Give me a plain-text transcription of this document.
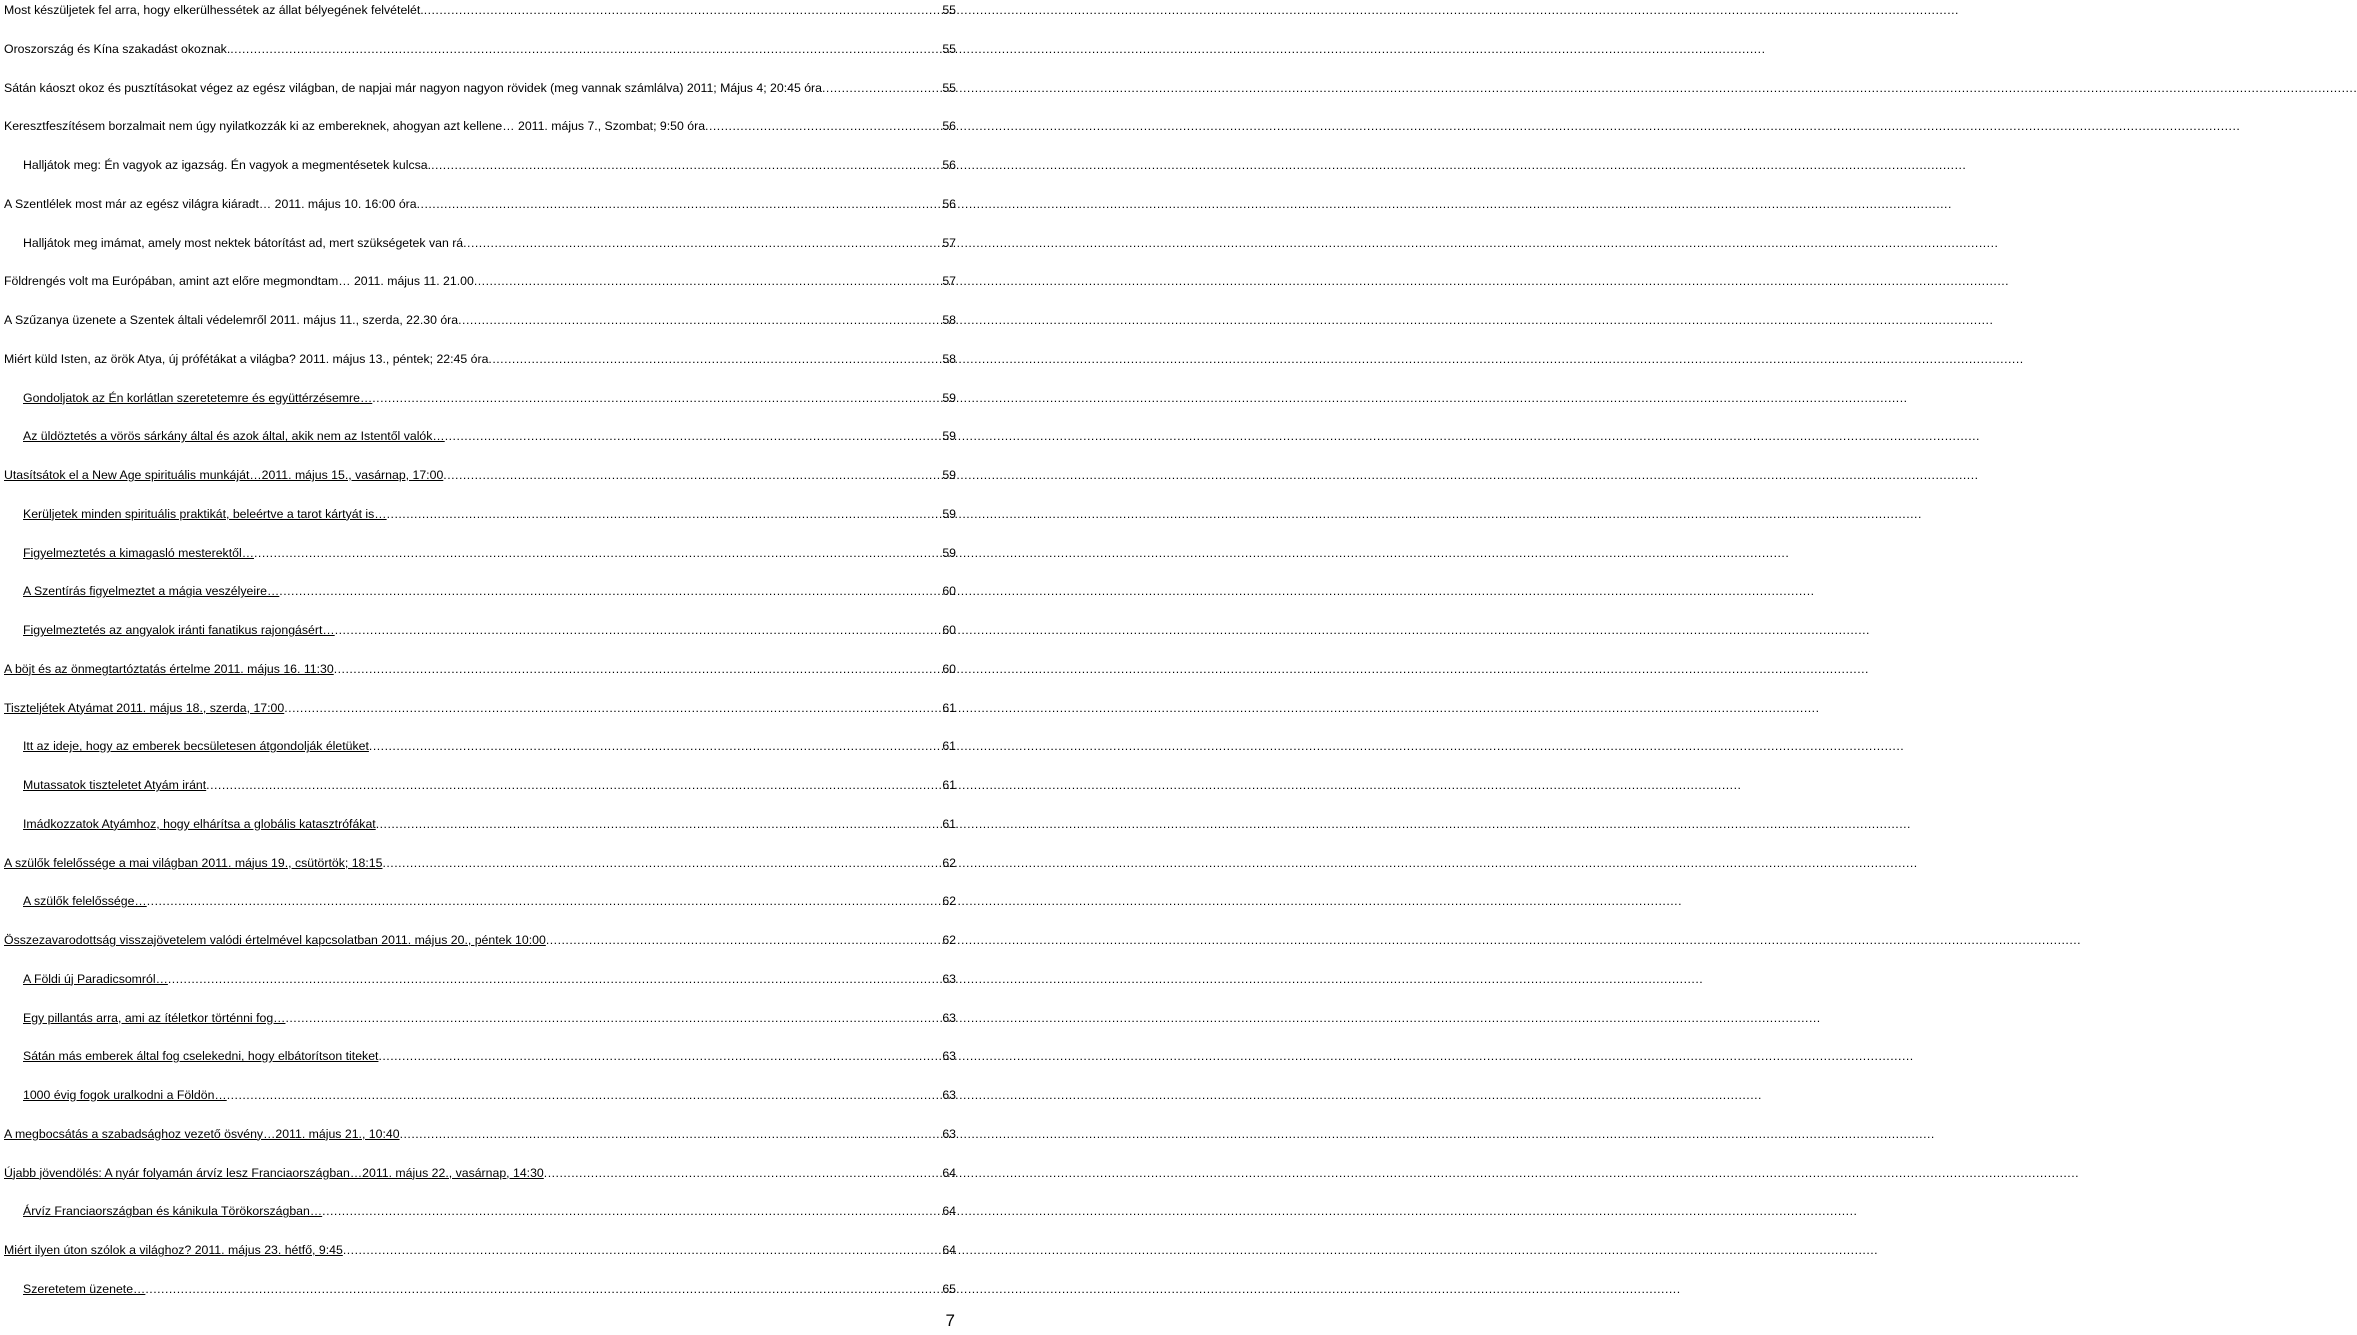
Most készüljetek fel arra, hogy elkerülhessétek az állat bélyegének felvételét. .....	55
Oroszország és Kína szakadást okoznak. .....	55
Sátán káoszt okoz és pusztításokat végez az egész világban, de napjai már nagyon nagyon rövidek (meg vannak számlálva) 2011; Május 4; 20:45 óra .....	55
Keresztfeszítésem borzalmait nem úgy nyilatkozzák ki az embereknek, ahogyan azt kellene… 2011. május 7., Szombat; 9:50 óra .....	56
Halljátok meg: Én vagyok az igazság. Én vagyok a megmentésetek kulcsa. .....	56
A Szentlélek most már az egész világra kiáradt… 2011. május 10. 16:00 óra .....	56
Halljátok meg imámat, amely most nektek bátorítást ad, mert szükségetek van rá .....	57
Földrengés volt ma Európában, amint azt előre megmondtam… 2011. május 11. 21.00 .....	57
A Szűzanya üzenete a Szentek általi védelemről 2011. május 11., szerda, 22.30 óra .....	58
Miért küld Isten, az örök Atya, új prófétákat a világba? 2011. május 13., péntek; 22:45 óra .....	58
Gondoljatok az Én korlátlan szeretetemre és együttérzésemre… .....	59
Az üldöztetés a vörös sárkány által és azok által, akik nem az Istentől valók… .....	59
Utasítsátok el a New Age spirituális munkáját…2011. május 15., vasárnap, 17:00 .....	59
Kerüljetek minden spirituális praktikát, beleértve a tarot kártyát is… .....	59
Figyelmeztetés a kimagasló mesterektől… .....	59
A Szentírás figyelmeztet a mágia veszélyeire… .....	60
Figyelmeztetés az angyalok iránti fanatikus rajongásért… .....	60
A böjt és az önmegtartóztatás értelme 2011. május 16. 11:30 .....	60
Tiszteljétek Atyámat 2011. május 18., szerda, 17:00 .....	61
Itt az ideje, hogy az emberek becsületesen átgondolják életüket .....	61
Mutassatok tiszteletet Atyám iránt .....	61
Imádkozzatok Atyámhoz, hogy elhárítsa a globális katasztrófákat .....	61
A szülők felelőssége a mai világban 2011. május 19., csütörtök; 18:15 .....	62
A szülők felelőssége… .....	62
Összezavarodottság visszajövetelem valódi értelmével kapcsolatban 2011. május 20., péntek 10:00 .....	62
A Földi új Paradicsomról… .....	63
Egy pillantás arra, ami az ítéletkor történni fog… .....	63
Sátán más emberek által fog cselekedni, hogy elbátorítson titeket .....	63
1000 évig fogok uralkodni a Földön… .....	63
A megbocsátás a szabadsághoz vezető ösvény…2011. május 21., 10:40 .....	63
Újabb jövendölés: A nyár folyamán árvíz lesz Franciaországban…2011. május 22., vasárnap, 14:30 .....	64
Árvíz Franciaországban és kánikula Törökországban… .....	64
Miért ilyen úton szólok a világhoz? 2011. május 23. hétfő, 9:45 .....	64
Szeretetem üzenete… .....	65
7
